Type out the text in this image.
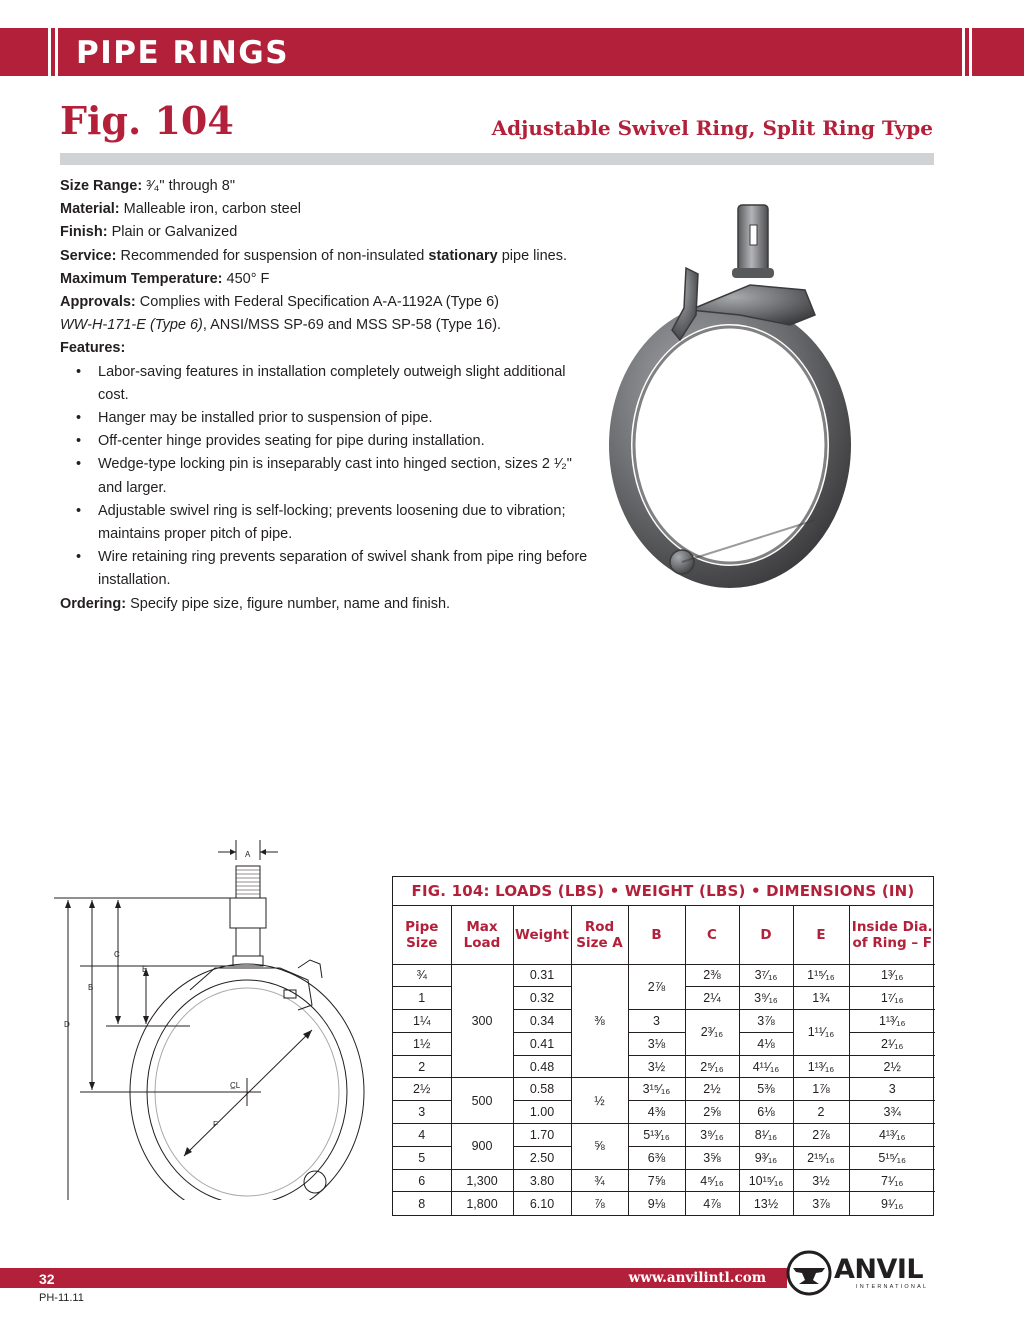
PIPE RINGS
Fig. 104	Adjustable Swivel Ring, Split Ring Type
Size Range: ³⁄₄" through 8"
Material: Malleable iron, carbon steel
Finish: Plain or Galvanized
Service: Recommended for suspension of non-insulated stationary pipe lines.
Maximum Temperature: 450° F
Approvals: Complies with Federal Specification A-A-1192A (Type 6)
WW-H-171-E (Type 6), ANSI/MSS SP-69 and MSS SP-58 (Type 16).
Features:
• Labor-saving features in installation completely outweigh slight additional cost.
• Hanger may be installed prior to suspension of pipe.
• Off-center hinge provides seating for pipe during installation.
• Wedge-type locking pin is inseparably cast into hinged section, sizes 2 ¹⁄₂" and larger.
• Adjustable swivel ring is self-locking; prevents loosening due to vibration; maintains proper pitch of pipe.
• Wire retaining ring prevents separation of swivel shank from pipe ring before installation.
Ordering: Specify pipe size, figure number, name and finish.
A
B
C
D
E
F
C̲L
FIG. 104: LOADS (LBS) • WEIGHT (LBS) • DIMENSIONS (IN)
Pipe Size	Max Load	Weight	Rod Size A	B	C	D	E	Inside Dia. of Ring – F
¾	300	0.31	⅜	2⅞	2⅜	3⁷⁄₁₆	1¹⁵⁄₁₆	1³⁄₁₆
1		0.32			2¼	3⁹⁄₁₆	1¾	1⁷⁄₁₆
1¼		0.34		3	2³⁄₁₆	3⅞	1¹¹⁄₁₆	1¹³⁄₁₆
1½		0.41		3⅛		4⅛		2¹⁄₁₆
2		0.48		3½	2⁵⁄₁₆	4¹¹⁄₁₆	1¹³⁄₁₆	2½
2½	500	0.58	½	3¹⁵⁄₁₆	2½	5⅜	1⅞	3
3		1.00		4⅜	2⅝	6⅛	2	3¾
4	900	1.70	⅝	5¹³⁄₁₆	3⁹⁄₁₆	8¹⁄₁₆	2⅞	4¹³⁄₁₆
5		2.50		6⅜	3⅝	9³⁄₁₆	2¹⁵⁄₁₆	5¹⁵⁄₁₆
6	1,300	3.80	¾	7⅝	4⁵⁄₁₆	10¹⁵⁄₁₆	3½	7¹⁄₁₆
8	1,800	6.10	⅞	9⅛	4⅞	13½	3⅞	9¹⁄₁₆
32	www.anvilintl.com
PH-11.11
ANVIL
INTERNATIONAL
